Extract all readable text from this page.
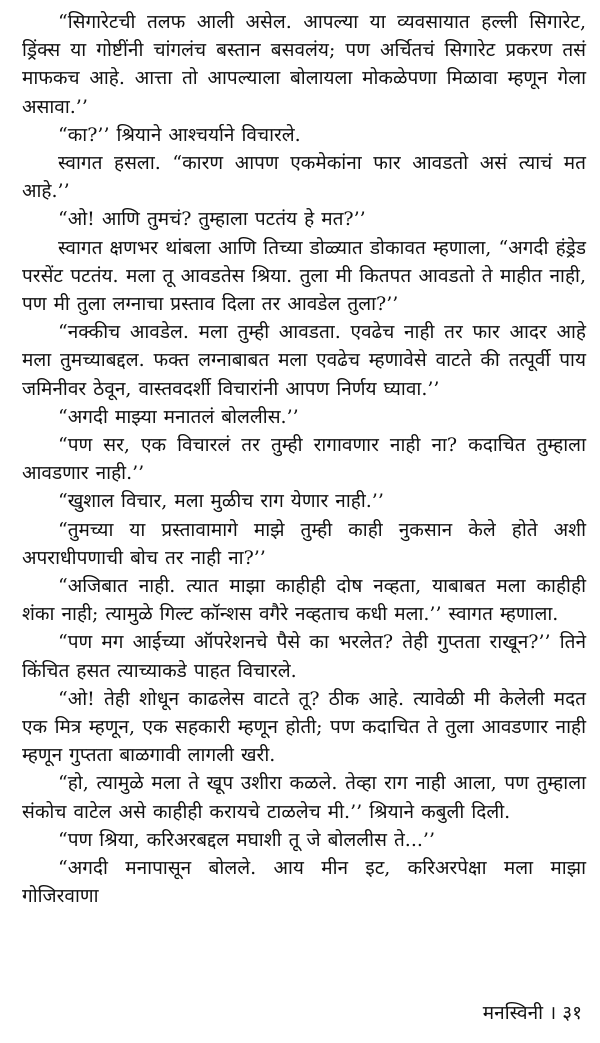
“सिगारेटची तलफ आली असेल. आपल्या या व्यवसायात हल्ली सिगारेट, ड्रिंक्स या गोष्टींनी चांगलंच बस्तान बसवलंय; पण अर्चितचं सिगारेट प्रकरण तसं माफकच आहे. आत्ता तो आपल्याला बोलायला मोकळेपणा मिळावा म्हणून गेला असावा.’’

“का?’’ श्रियाने आश्चर्याने विचारले.

स्वागत हसला. “कारण आपण एकमेकांना फार आवडतो असं त्याचं मत आहे.’’

“ओ! आणि तुमचं? तुम्हाला पटतंय हे मत?’’

स्वागत क्षणभर थांबला आणि तिच्या डोळ्यात डोकावत म्हणाला, “अगदी हंड्रेड परसेंट पटतंय. मला तू आवडतेस श्रिया. तुला मी कितपत आवडतो ते माहीत नाही, पण मी तुला लग्नाचा प्रस्ताव दिला तर आवडेल तुला?’’

“नक्कीच आवडेल. मला तुम्ही आवडता. एवढेच नाही तर फार आदर आहे मला तुमच्याबद्दल. फक्त लग्नाबाबत मला एवढेच म्हणावेसे वाटते की तत्पूर्वी पाय जमिनीवर ठेवून, वास्तवदर्शी विचारांनी आपण निर्णय घ्यावा.’’

“अगदी माझ्या मनातलं बोललीस.’’

“पण सर, एक विचारलं तर तुम्ही रागावणार नाही ना? कदाचित तुम्हाला आवडणार नाही.’’

“खुशाल विचार, मला मुळीच राग येणार नाही.’’

“तुमच्या या प्रस्तावामागे माझे तुम्ही काही नुकसान केले होते अशी अपराधीपणाची बोच तर नाही ना?’’

“अजिबात नाही. त्यात माझा काहीही दोष नव्हता, याबाबत मला काहीही शंका नाही; त्यामुळे गिल्ट कॉन्शस वगैरे नव्हताच कधी मला.’’ स्वागत म्हणाला.

“पण मग आईच्या ऑपरेशनचे पैसे का भरलेत? तेही गुप्तता राखून?’’ तिने किंचित हसत त्याच्याकडे पाहत विचारले.

“ओ! तेही शोधून काढलेस वाटते तू? ठीक आहे. त्यावेळी मी केलेली मदत एक मित्र म्हणून, एक सहकारी म्हणून होती; पण कदाचित ते तुला आवडणार नाही म्हणून गुप्तता बाळगावी लागली खरी.

“हो, त्यामुळे मला ते खूप उशीरा कळले. तेव्हा राग नाही आला, पण तुम्हाला संकोच वाटेल असे काहीही करायचे टाळलेच मी.’’ श्रियाने कबुली दिली.

“पण श्रिया, करिअरबद्दल मघाशी तू जे बोललीस ते...’’

“अगदी मनापासून बोलले. आय मीन इट, करिअरपेक्षा मला माझा गोजिरवाणा

मनस्विनी । ३१
